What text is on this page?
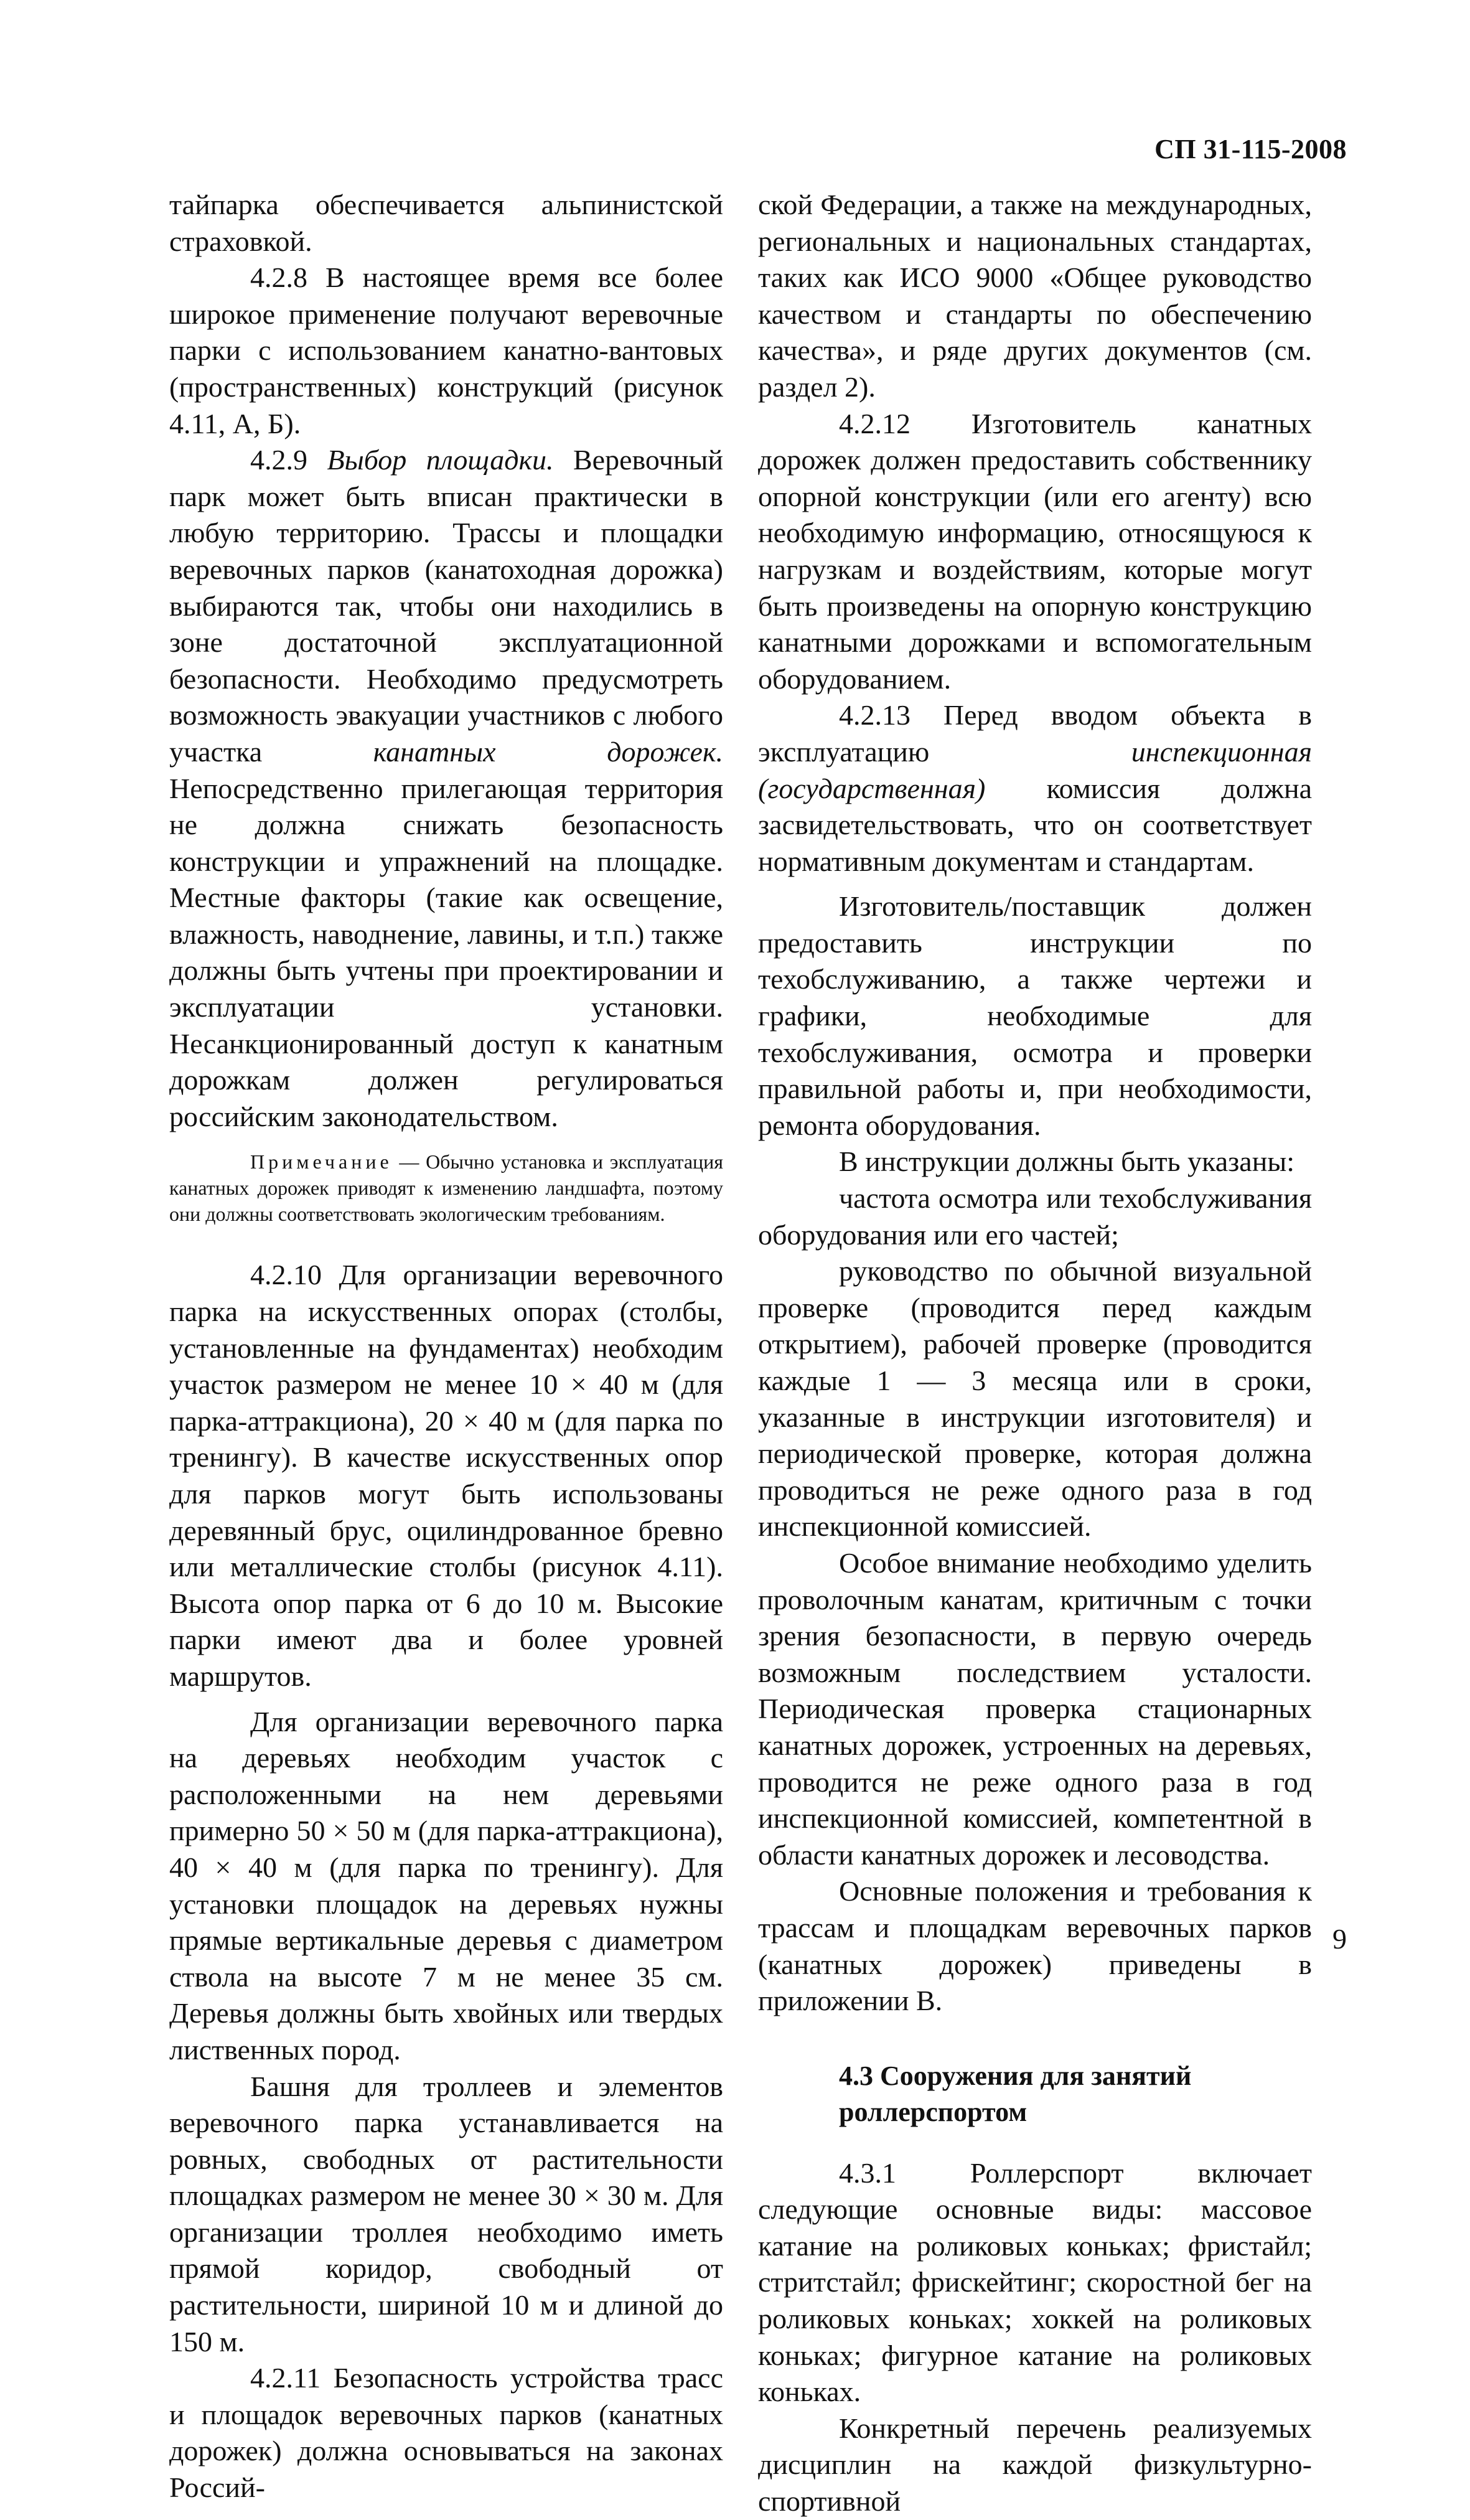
СП 31-115-2008

тайпарка обеспечивается альпинистской страховкой.

4.2.8 В настоящее время все более широкое применение получают веревочные парки с использованием канатно-вантовых (пространственных) конструкций (рисунок 4.11, А, Б).

4.2.9 Выбор площадки. Веревочный парк может быть вписан практически в любую территорию. Трассы и площадки веревочных парков (канатоходная дорожка) выбираются так, чтобы они находились в зоне достаточной эксплуатационной безопасности. Необходимо предусмотреть возможность эвакуации участников с любого участка	канатных дорожек. Непосредственно прилегающая территория не должна снижать безопасность конструкции и упражнений на площадке. Местные факторы (такие как освещение, влажность, наводнение, лавины, и т.п.) также должны быть учтены при проектировании и эксплуатации установки. Несанкционированный доступ к канатным дорожкам должен регулироваться российским законодательством.

Примечание — Обычно установка и эксплуатация канатных дорожек приводят к изменению ландшафта, поэтому они должны соответствовать экологическим требованиям.

4.2.10 Для организации веревочного парка на искусственных опорах (столбы, установленные на фундаментах) необходим участок размером не менее 10 × 40 м (для парка-аттракциона), 20 × 40 м (для парка по тренингу). В качестве искусственных опор для парков могут быть использованы деревянный брус, оцилиндрованное бревно или металлические столбы (рисунок 4.11). Высота опор парка от 6 до 10 м. Высокие парки имеют два и более уровней маршрутов.

Для организации веревочного парка на деревьях необходим участок с расположенными на нем деревьями примерно 50 × 50 м (для парка-аттракциона), 40 × 40 м (для парка по тренингу). Для установки площадок на деревьях нужны прямые вертикальные деревья с диаметром ствола на высоте 7 м не менее 35 см. Деревья должны быть хвойных или твердых лиственных пород.

Башня для троллеев и элементов веревочного парка устанавливается на ровных, свободных от растительности площадках размером не менее 30 × 30 м. Для организации троллея необходимо иметь прямой коридор, свободный от растительности, шириной 10 м и длиной до 150 м.

4.2.11 Безопасность устройства трасс и площадок веревочных парков (канатных дорожек) должна основываться на законах Россий-

ской Федерации, а также на международных, региональных и национальных стандартах, таких как ИСО 9000 «Общее руководство качеством и стандарты по обеспечению качества», и ряде других документов (см. раздел 2).

4.2.12 Изготовитель канатных дорожек должен предоставить собственнику опорной конструкции (или его агенту) всю необходимую информацию, относящуюся к нагрузкам и воздействиям, которые могут быть произведены на опорную конструкцию канатными дорожками и вспомогательным оборудованием.

4.2.13 Перед вводом объекта в эксплуатацию	инспекционная (государственная) комиссия должна засвидетельствовать, что он соответствует нормативным документам и стандартам.

Изготовитель/поставщик должен предоставить инструкции по техобслуживанию, а также чертежи и графики, необходимые для техобслуживания, осмотра и проверки правильной работы и, при необходимости, ремонта оборудования.

В инструкции должны быть указаны:

частота осмотра или техобслуживания оборудования или его частей;

руководство по обычной визуальной проверке (проводится перед каждым открытием), рабочей проверке (проводится каждые 1 — 3 месяца или в сроки, указанные в инструкции изготовителя) и периодической проверке, которая должна проводиться не реже одного раза в год инспекционной комиссией.

Особое внимание необходимо уделить проволочным канатам, критичным с точки зрения безопасности, в первую очередь возможным последствием усталости. Периодическая проверка стационарных канатных дорожек, устроенных на деревьях, проводится не реже одного раза в год инспекционной комиссией, компетентной в области канатных дорожек и лесоводства.

Основные положения и требования к трассам и площадкам веревочных парков (канатных дорожек) приведены в приложении В.

4.3 Сооружения для занятий
роллерспортом

4.3.1 Роллерспорт включает следующие основные виды: массовое катание на роликовых коньках; фристайл; стритстайл; фрискейтинг; скоростной бег на роликовых коньках; хоккей на роликовых коньках; фигурное катание на роликовых коньках.

Конкретный перечень реализуемых дисциплин на каждой физкультурно-спортивной

9
